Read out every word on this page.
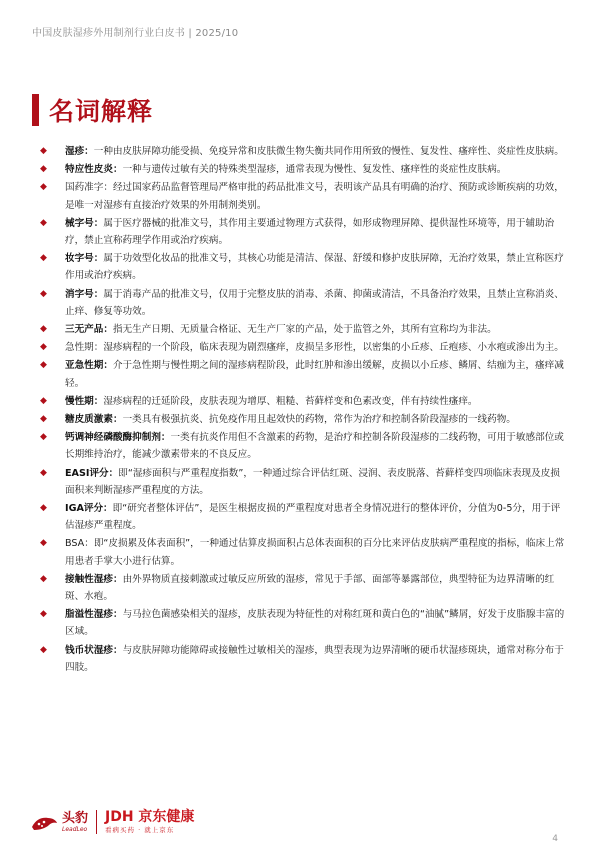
中国皮肤湿疹外用制剂行业白皮书 | 2025/10
名词解释
◆ 湿疹：一种由皮肤屏障功能受损、免疫异常和皮肤微生物失衡共同作用所致的慢性、复发性、瘙痒性、炎症性皮肤病。
◆ 特应性皮炎：一种与遗传过敏有关的特殊类型湿疹，通常表现为慢性、复发性、瘙痒性的炎症性皮肤病。
◆ 国药准字：经过国家药品监督管理局严格审批的药品批准文号，表明该产品具有明确的治疗、预防或诊断疾病的功效，是唯一对湿疹有直接治疗效果的外用制剂类别。
◆ 械字号：属于医疗器械的批准文号，其作用主要通过物理方式获得，如形成物理屏障、提供湿性环境等，用于辅助治疗，禁止宣称药理学作用或治疗疾病。
◆ 妆字号：属于功效型化妆品的批准文号，其核心功能是清洁、保湿、舒缓和修护皮肤屏障，无治疗效果，禁止宣称医疗作用或治疗疾病。
◆ 消字号：属于消毒产品的批准文号，仅用于完整皮肤的消毒、杀菌、抑菌或清洁，不具备治疗效果，且禁止宣称消炎、止痒、修复等功效。
◆ 三无产品：指无生产日期、无质量合格证、无生产厂家的产品，处于监管之外，其所有宣称均为非法。
◆ 急性期：湿疹病程的一个阶段，临床表现为剧烈瘙痒，皮损呈多形性，以密集的小丘疹、丘疱疹、小水疱或渗出为主。
◆ 亚急性期：介于急性期与慢性期之间的湿疹病程阶段，此时红肿和渗出缓解，皮损以小丘疹、鳞屑、结痂为主，瘙痒减轻。
◆ 慢性期：湿疹病程的迁延阶段，皮肤表现为增厚、粗糙、苔藓样变和色素改变，伴有持续性瘙痒。
◆ 糖皮质激素：一类具有极强抗炎、抗免疫作用且起效快的药物，常作为治疗和控制各阶段湿疹的一线药物。
◆ 钙调神经磷酸酶抑制剂：一类有抗炎作用但不含激素的药物，是治疗和控制各阶段湿疹的二线药物，可用于敏感部位或长期维持治疗，能减少激素带来的不良反应。
◆ EASI评分：即“湿疹面积与严重程度指数”，一种通过综合评估红斑、浸润、表皮脱落、苔藓样变四项临床表现及皮损面积来判断湿疹严重程度的方法。
◆ IGA评分：即“研究者整体评估”，是医生根据皮损的严重程度对患者全身情况进行的整体评价，分值为0-5分，用于评估湿疹严重程度。
◆ BSA：即“皮损累及体表面积”，一种通过估算皮损面积占总体表面积的百分比来评估皮肤病严重程度的指标，临床上常用患者手掌大小进行估算。
◆ 接触性湿疹：由外界物质直接刺激或过敏反应所致的湿疹，常见于手部、面部等暴露部位，典型特征为边界清晰的红斑、水疱。
◆ 脂溢性湿疹：与马拉色菌感染相关的湿疹，皮肤表现为特征性的对称红斑和黄白色的“油腻”鳞屑，好发于皮脂腺丰富的区域。
◆ 钱币状湿疹：与皮肤屏障功能障碍或接触性过敏相关的湿疹，典型表现为边界清晰的硬币状湿疹斑块，通常对称分布于四肢。
头豹
LeadLeo
JDH 京东健康
看病买药 · 就上京东
4
